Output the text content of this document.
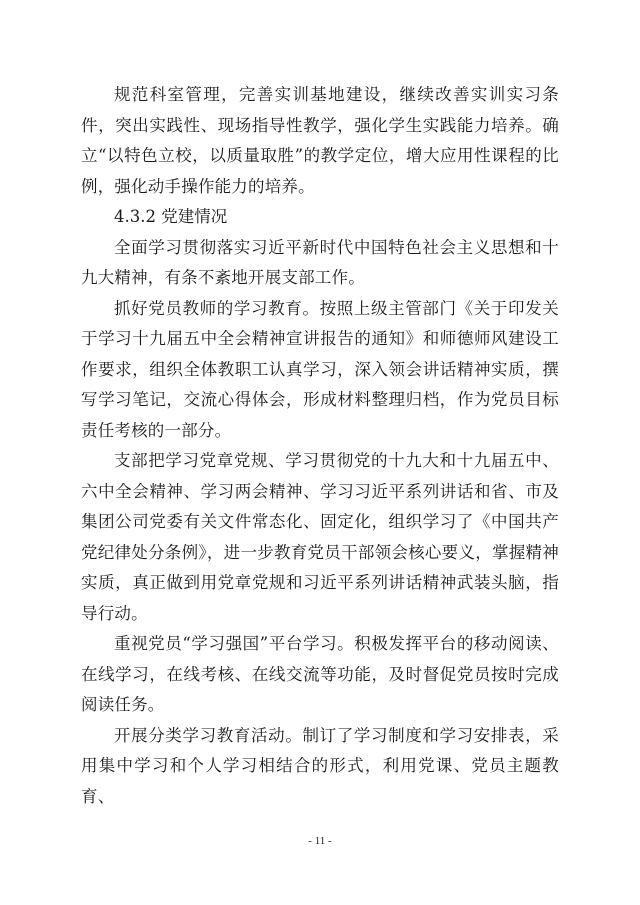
规范科室管理，完善实训基地建设，继续改善实训实习条件，突出实践性、现场指导性教学，强化学生实践能力培养。确立“以特色立校，以质量取胜”的教学定位，增大应用性课程的比例，强化动手操作能力的培养。

4.3.2 党建情况

全面学习贯彻落实习近平新时代中国特色社会主义思想和十九大精神，有条不紊地开展支部工作。

抓好党员教师的学习教育。按照上级主管部门《关于印发关于学习十九届五中全会精神宣讲报告的通知》和师德师风建设工作要求，组织全体教职工认真学习，深入领会讲话精神实质，撰写学习笔记，交流心得体会，形成材料整理归档，作为党员目标责任考核的一部分。

支部把学习党章党规、学习贯彻党的十九大和十九届五中、六中全会精神、学习两会精神、学习习近平系列讲话和省、市及集团公司党委有关文件常态化、固定化，组织学习了《中国共产党纪律处分条例》，进一步教育党员干部领会核心要义，掌握精神实质，真正做到用党章党规和习近平系列讲话精神武装头脑，指导行动。

重视党员“学习强国”平台学习。积极发挥平台的移动阅读、在线学习，在线考核、在线交流等功能，及时督促党员按时完成阅读任务。

开展分类学习教育活动。制订了学习制度和学习安排表，采用集中学习和个人学习相结合的形式，利用党课、党员主题教育、

- 11 -
